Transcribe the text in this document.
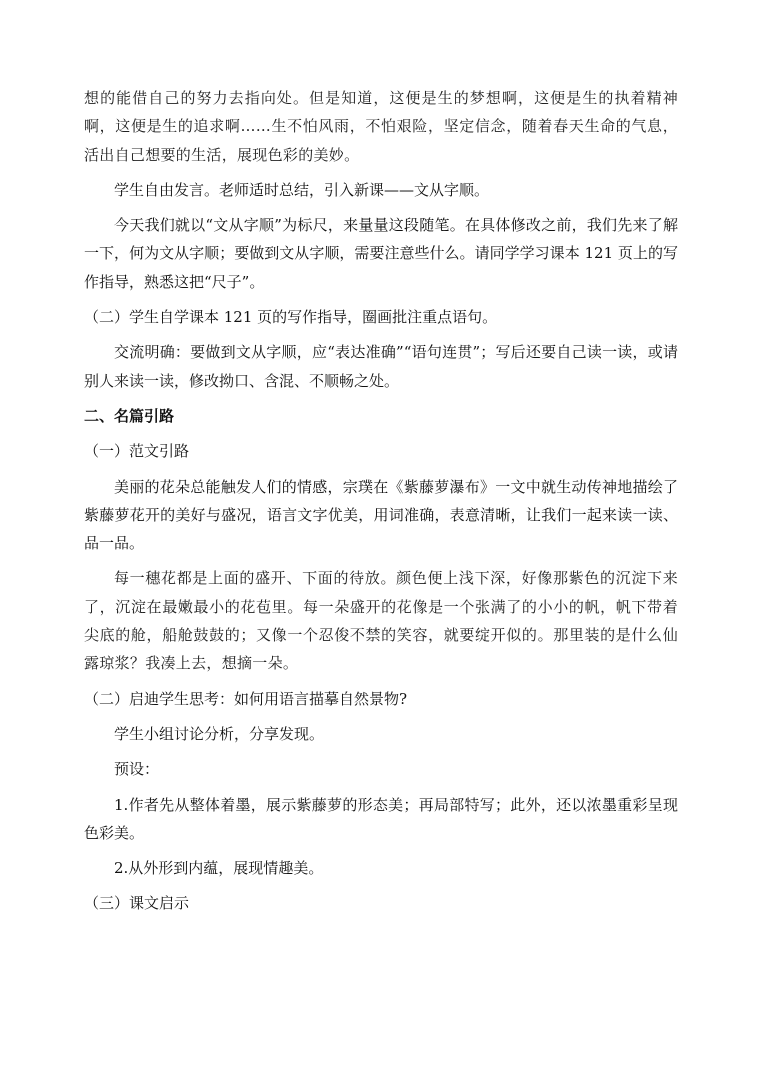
想的能借自己的努力去指向处。但是知道，这便是生的梦想啊，这便是生的执着精神啊，这便是生的追求啊……生不怕风雨，不怕艰险，坚定信念，随着春天生命的气息，活出自己想要的生活，展现色彩的美妙。

学生自由发言。老师适时总结，引入新课——文从字顺。

今天我们就以“文从字顺”为标尺，来量量这段随笔。在具体修改之前，我们先来了解一下，何为文从字顺；要做到文从字顺，需要注意些什么。请同学学习课本 121 页上的写作指导，熟悉这把“尺子”。

（二）学生自学课本 121 页的写作指导，圈画批注重点语句。

交流明确：要做到文从字顺，应“表达准确”“语句连贯”；写后还要自己读一读，或请别人来读一读，修改拗口、含混、不顺畅之处。

二、名篇引路

（一）范文引路

美丽的花朵总能触发人们的情感，宗璞在《紫藤萝瀑布》一文中就生动传神地描绘了紫藤萝花开的美好与盛况，语言文字优美，用词准确，表意清晰，让我们一起来读一读、品一品。

每一穗花都是上面的盛开、下面的待放。颜色便上浅下深，好像那紫色的沉淀下来了，沉淀在最嫩最小的花苞里。每一朵盛开的花像是一个张满了的小小的帆，帆下带着尖底的舱，船舱鼓鼓的；又像一个忍俊不禁的笑容，就要绽开似的。那里装的是什么仙露琼浆？我凑上去，想摘一朵。

（二）启迪学生思考：如何用语言描摹自然景物?

学生小组讨论分析，分享发现。

预设：

1.作者先从整体着墨，展示紫藤萝的形态美；再局部特写；此外，还以浓墨重彩呈现色彩美。

2.从外形到内蕴，展现情趣美。

（三）课文启示
